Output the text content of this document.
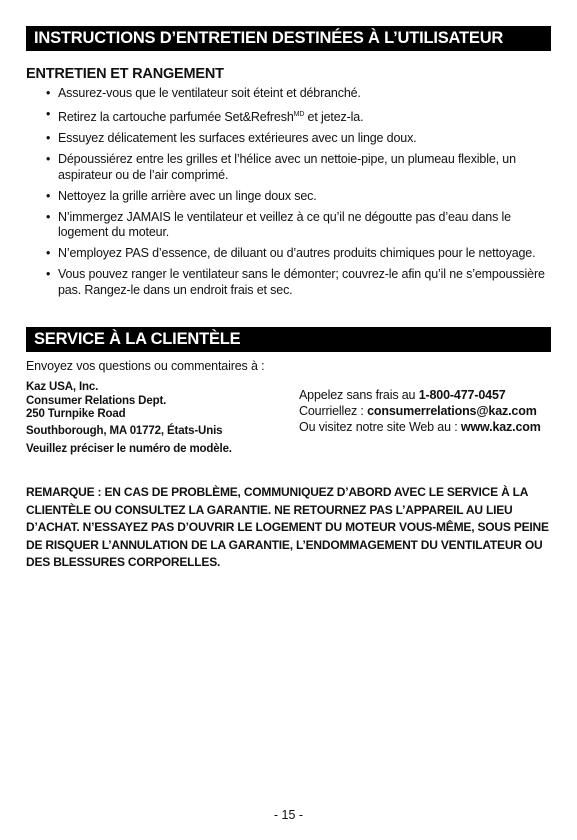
INSTRUCTIONS D’ENTRETIEN DESTINÉES À L’UTILISATEUR
ENTRETIEN ET RANGEMENT
• Assurez-vous que le ventilateur soit éteint et débranché.
• Retirez la cartouche parfumée Set&Refresh$^{MD}$ et jetez-la.
• Essuyez délicatement les surfaces extérieures avec un linge doux.
• Dépoussiérez entre les grilles et l’hélice avec un nettoie-pipe, un plumeau flexible, un aspirateur ou de l’air comprimé.
• Nettoyez la grille arrière avec un linge doux sec.
• N’immergez JAMAIS le ventilateur et veillez à ce qu’il ne dégoutte pas d’eau dans le logement du moteur.
• N’employez PAS d’essence, de diluant ou d’autres produits chimiques pour le nettoyage.
• Vous pouvez ranger le ventilateur sans le démonter; couvrez-le afin qu’il ne s’empoussière pas. Rangez-le dans un endroit frais et sec.
SERVICE À LA CLIENTÈLE
Envoyez vos questions ou commentaires à :
Kaz USA, Inc.
Consumer Relations Dept.
250 Turnpike Road
Southborough, MA 01772, États-Unis
Veuillez préciser le numéro de modèle.
Appelez sans frais au 1-800-477-0457
Courriellez : consumerrelations@kaz.com
Ou visitez notre site Web au : www.kaz.com
REMARQUE : EN CAS DE PROBLÈME, COMMUNIQUEZ D’ABORD AVEC LE SERVICE À LA CLIENTÈLE OU CONSULTEZ LA GARANTIE. NE RETOURNEZ PAS L’APPAREIL AU LIEU D’ACHAT. N’ESSAYEZ PAS D’OUVRIR LE LOGEMENT DU MOTEUR VOUS-MÊME, SOUS PEINE DE RISQUER L’ANNULATION DE LA GARANTIE, L’ENDOMMAGEMENT DU VENTILATEUR OU DES BLESSURES CORPORELLES.
- 15 -
